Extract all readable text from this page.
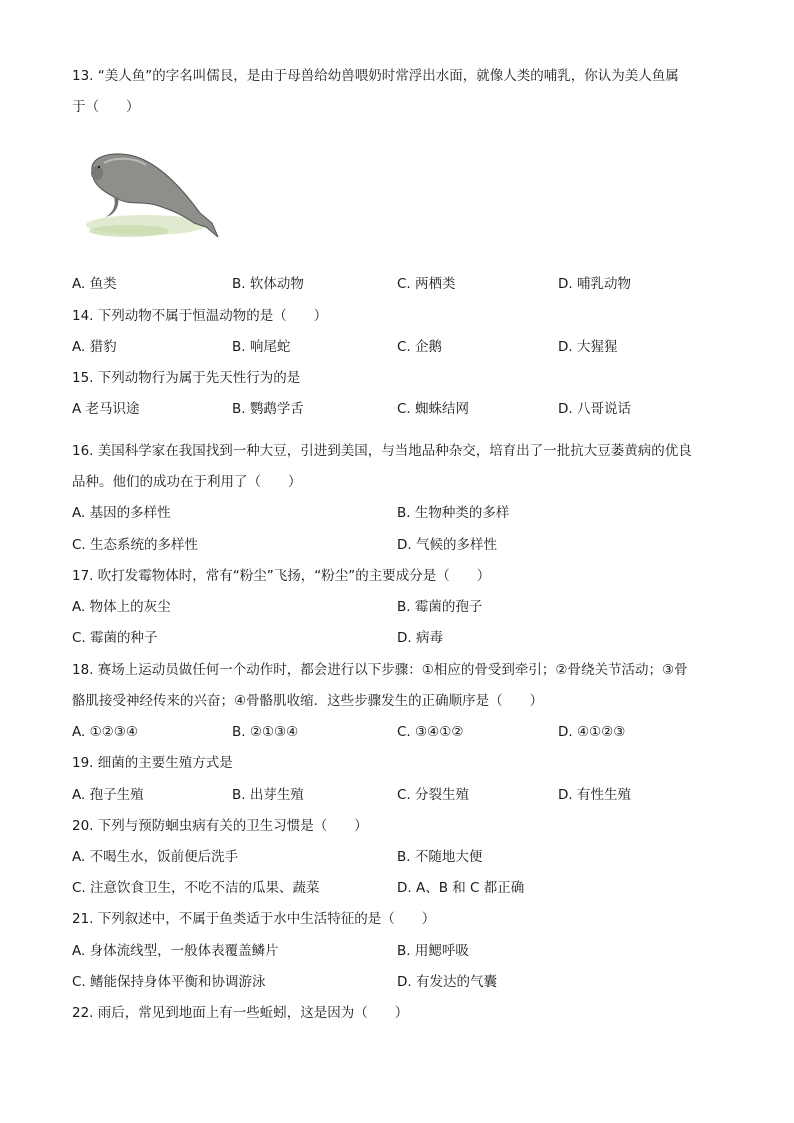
13. “美人鱼”的字名叫儒艮，是由于母兽给幼兽喂奶时常浮出水面，就像人类的哺乳，你认为美人鱼属
于（　　）
A. 鱼类	B. 软体动物	C. 两栖类	D. 哺乳动物
14. 下列动物不属于恒温动物的是（　　）
A. 猎豹	B. 响尾蛇	C. 企鹅	D. 大猩猩
15. 下列动物行为属于先天性行为的是
A 老马识途	B. 鹦鹉学舌	C. 蜘蛛结网	D. 八哥说话
16. 美国科学家在我国找到一种大豆，引进到美国，与当地品种杂交，培育出了一批抗大豆萎黄病的优良
品种。他们的成功在于利用了（　　）
A. 基因的多样性	B. 生物种类的多样
C. 生态系统的多样性	D. 气候的多样性
17. 吹打发霉物体时，常有“粉尘”飞扬，“粉尘”的主要成分是（　　）
A. 物体上的灰尘	B. 霉菌的孢子
C. 霉菌的种子	D. 病毒
18. 赛场上运动员做任何一个动作时，都会进行以下步骤：①相应的骨受到牵引；②骨绕关节活动；③骨
骼肌接受神经传来的兴奋；④骨骼肌收缩．这些步骤发生的正确顺序是（　　）
A. ①②③④	B. ②①③④	C. ③④①②	D. ④①②③
19. 细菌的主要生殖方式是
A. 孢子生殖	B. 出芽生殖	C. 分裂生殖	D. 有性生殖
20. 下列与预防蛔虫病有关的卫生习惯是（　　）
A. 不喝生水，饭前便后洗手	B. 不随地大便
C. 注意饮食卫生，不吃不洁的瓜果、蔬菜	D. A、B 和 C 都正确
21. 下列叙述中，不属于鱼类适于水中生活特征的是（　　）
A. 身体流线型，一般体表覆盖鳞片	B. 用鳃呼吸
C. 鳍能保持身体平衡和协调游泳	D. 有发达的气囊
22. 雨后，常见到地面上有一些蚯蚓，这是因为（　　）
